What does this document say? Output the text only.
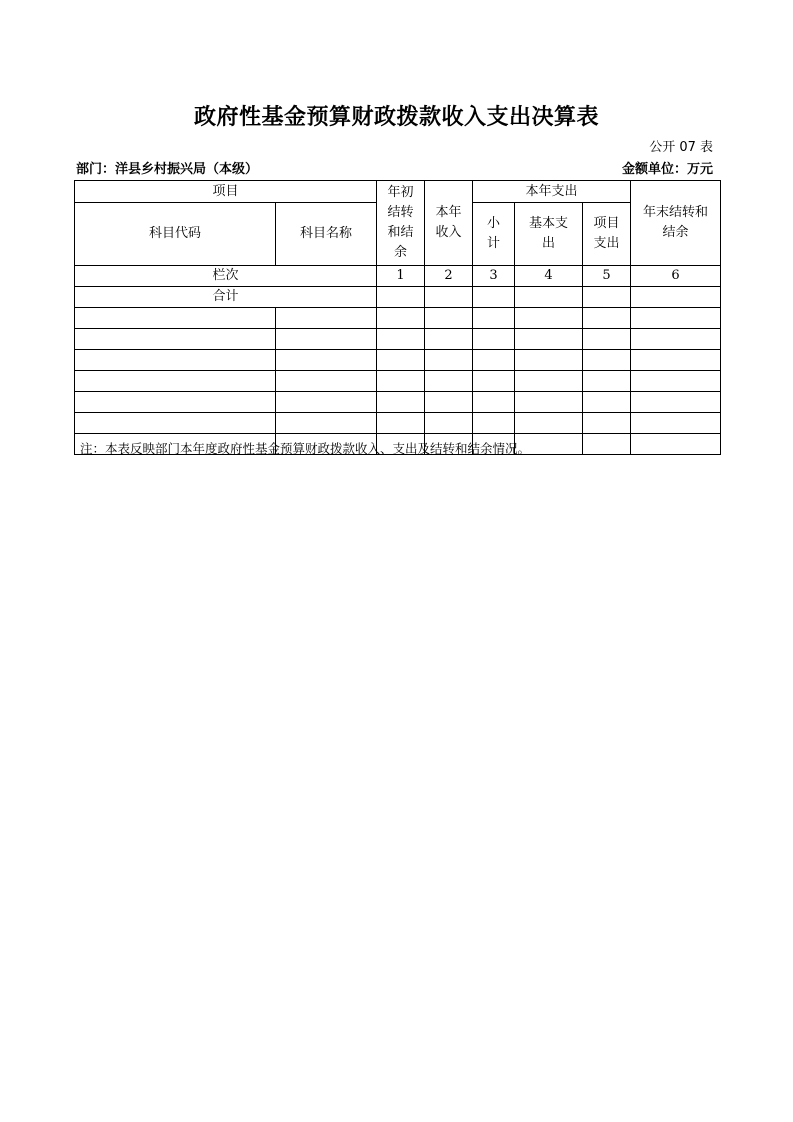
政府性基金预算财政拨款收入支出决算表
公开 07 表
部门：洋县乡村振兴局（本级）	金额单位：万元
项目		年初结转和结余	本年收入	本年支出			年末结转和结余
科目代码	科目名称			小计	基本支出	项目支出	
栏次		1	2	3	4	5	6
合计							

注：本表反映部门本年度政府性基金预算财政拨款收入、支出及结转和结余情况。
